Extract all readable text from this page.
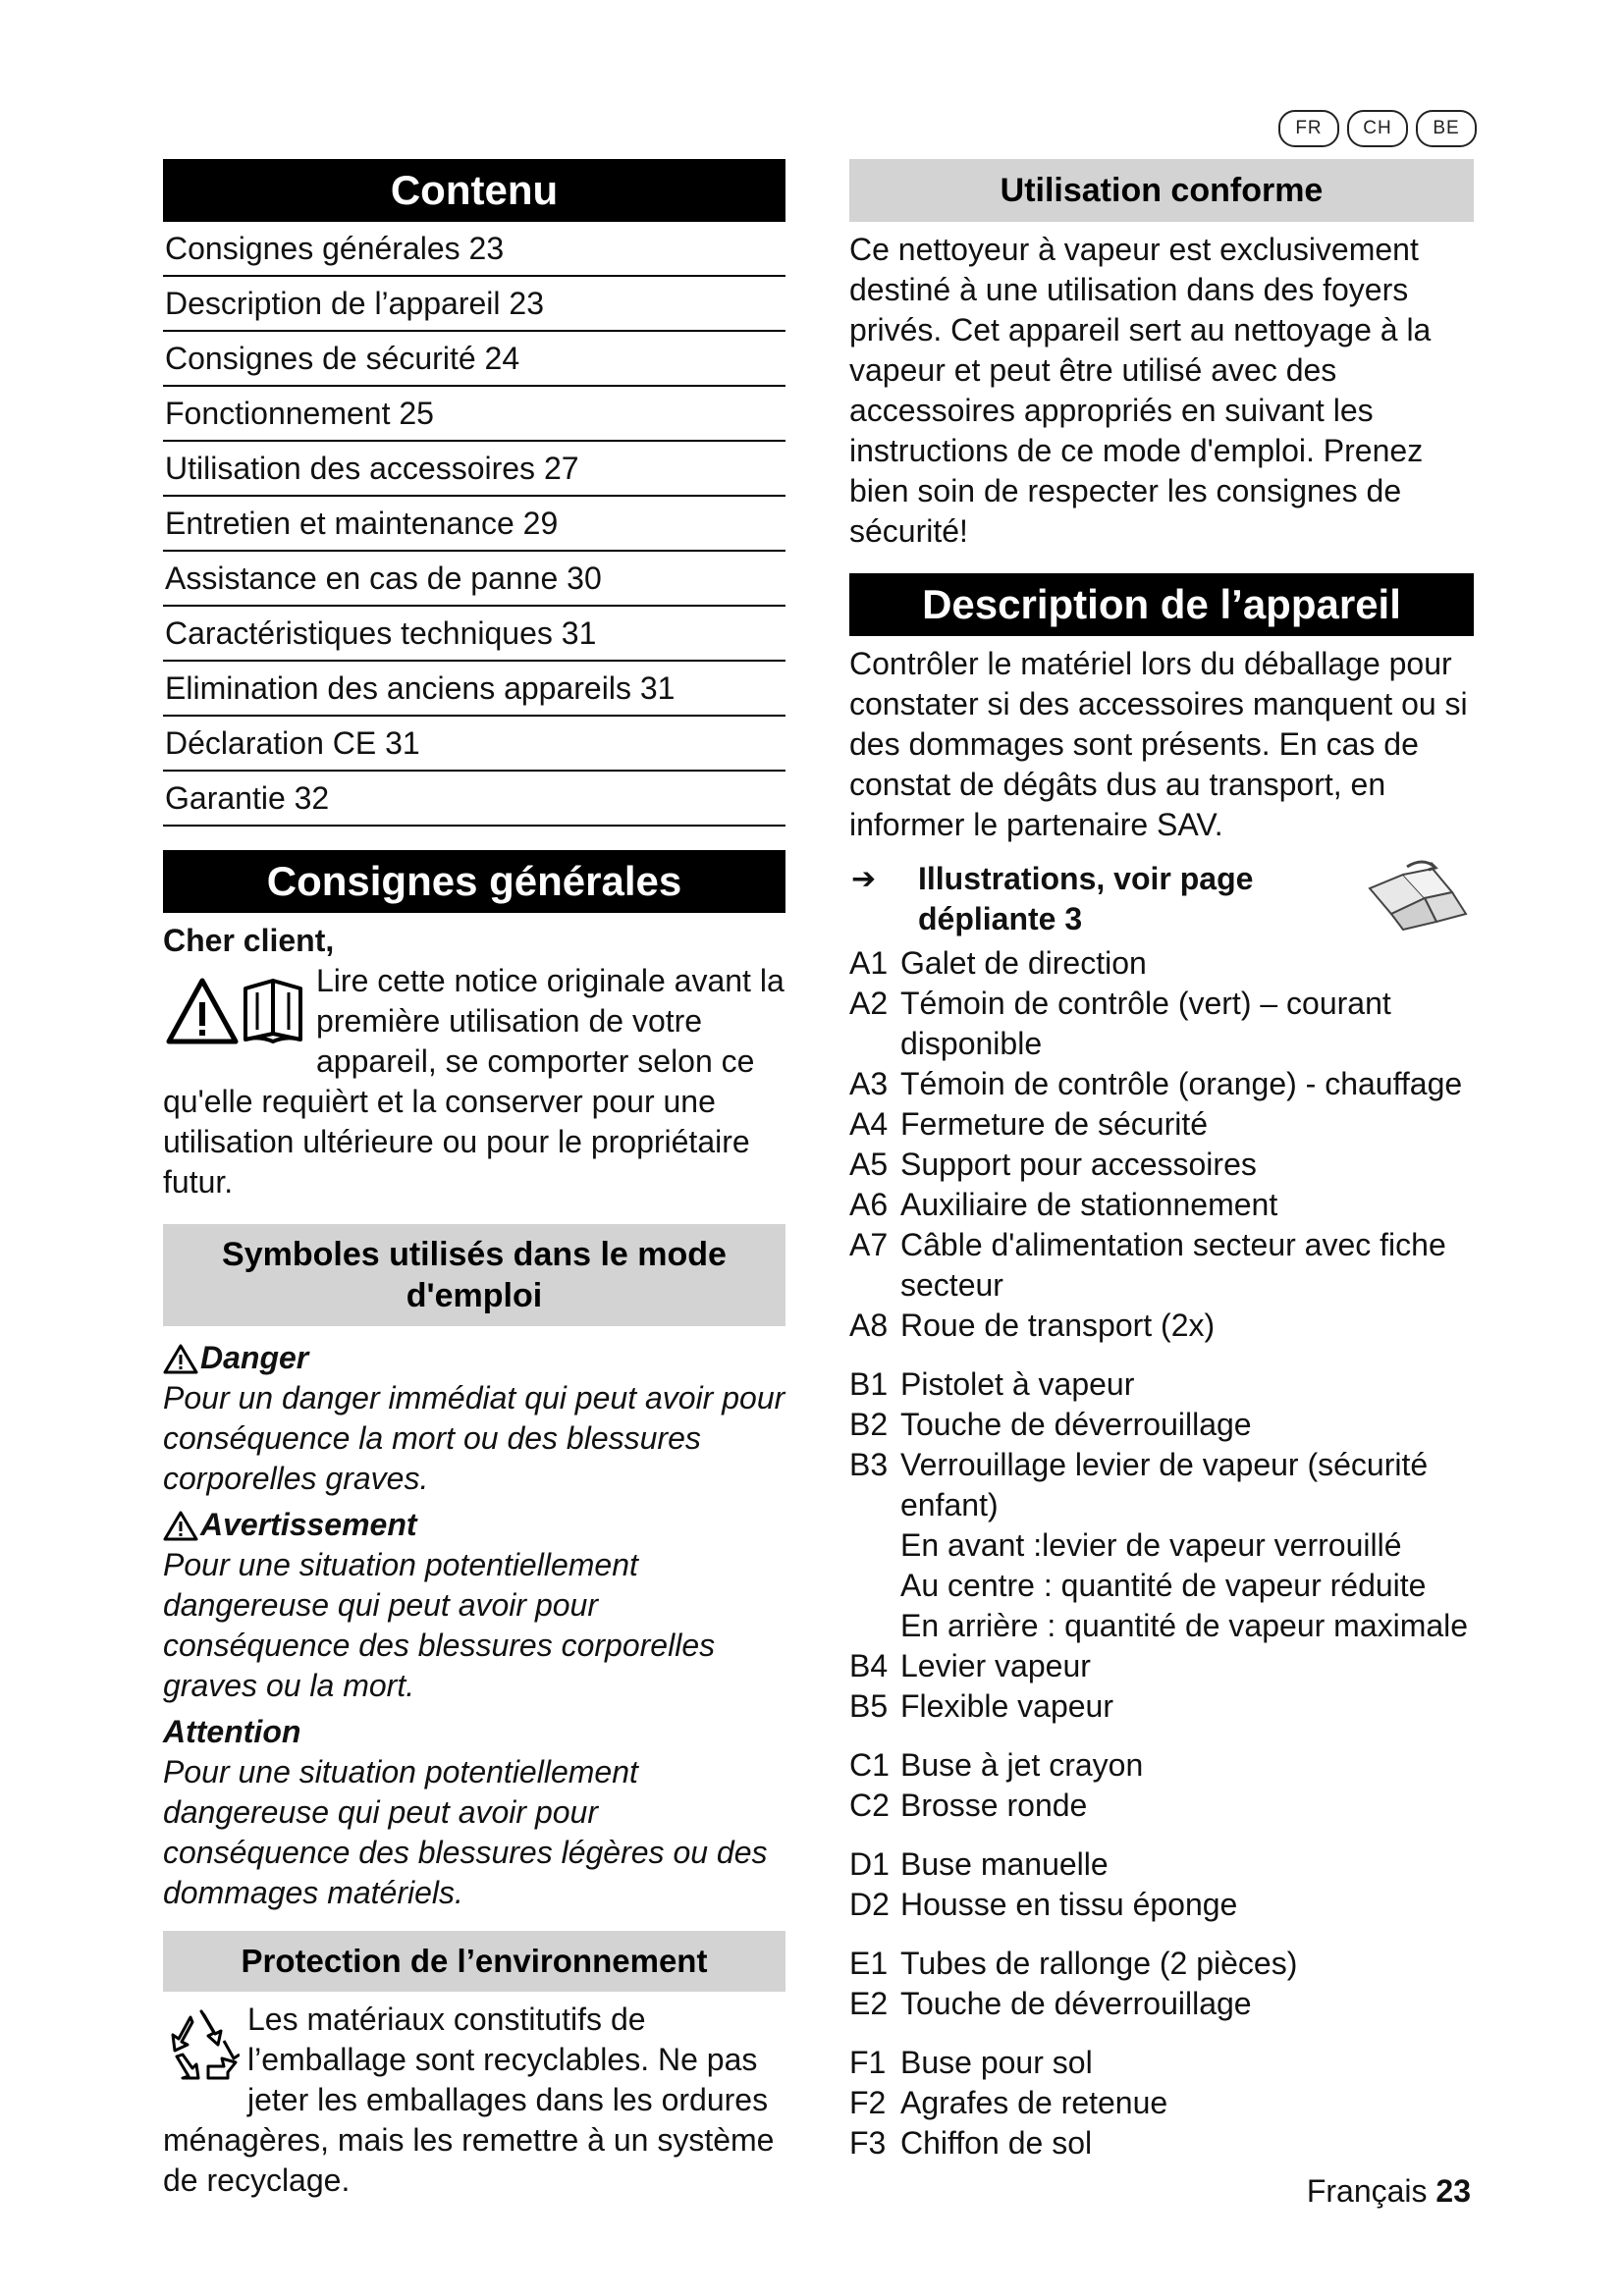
FR	CH	BE
Contenu
Consignes générales 23
Description de l’appareil 23
Consignes de sécurité 24
Fonctionnement 25
Utilisation des accessoires 27
Entretien et maintenance 29
Assistance en cas de panne 30
Caractéristiques techniques 31
Elimination des anciens appareils 31
Déclaration CE 31
Garantie 32
Consignes générales

Cher client,

Lire cette notice originale avant la première utilisation de votre appareil, se comporter selon ce qu'elle requièrt et la conserver pour une utilisation ultérieure ou pour le propriétaire futur.

Symboles utilisés dans le mode d'emploi
Danger

Pour un danger immédiat qui peut avoir pour conséquence la mort ou des blessures corporelles graves.

Avertissement

Pour une situation potentiellement dangereuse qui peut avoir pour conséquence des blessures corporelles graves ou la mort.

Attention

Pour une situation potentiellement dangereuse qui peut avoir pour conséquence des blessures légères ou des dommages matériels.

Protection de l’environnement

Les matériaux constitutifs de l’emballage sont recyclables. Ne pas jeter les emballages dans les ordures ménagères, mais les remettre à un système de recyclage.

Utilisation conforme

Ce nettoyeur à vapeur est exclusivement destiné à une utilisation dans des foyers privés. Cet appareil sert au nettoyage à la vapeur et peut être utilisé avec des accessoires appropriés en suivant les instructions de ce mode d'emploi. Prenez bien soin de respecter les consignes de sécurité!

Description de l’appareil

Contrôler le matériel lors du déballage pour constater si des accessoires manquent ou si des dommages sont présents. En cas de constat de dégâts dus au transport, en informer le partenaire SAV.

➔ Illustrations, voir page dépliante 3
A1 Galet de direction
A2 Témoin de contrôle (vert) – courant disponible
A3 Témoin de contrôle (orange) - chauffage
A4 Fermeture de sécurité
A5 Support pour accessoires
A6 Auxiliaire de stationnement
A7 Câble d'alimentation secteur avec fiche secteur
A8 Roue de transport (2x)
B1 Pistolet à vapeur
B2 Touche de déverrouillage
B3 Verrouillage levier de vapeur (sécurité enfant)
En avant :levier de vapeur verrouillé
Au centre : quantité de vapeur réduite
En arrière : quantité de vapeur maximale
B4 Levier vapeur
B5 Flexible vapeur
C1 Buse à jet crayon
C2 Brosse ronde
D1 Buse manuelle
D2 Housse en tissu éponge
E1 Tubes de rallonge (2 pièces)
E2 Touche de déverrouillage
F1 Buse pour sol
F2 Agrafes de retenue
F3 Chiffon de sol
Français 23
